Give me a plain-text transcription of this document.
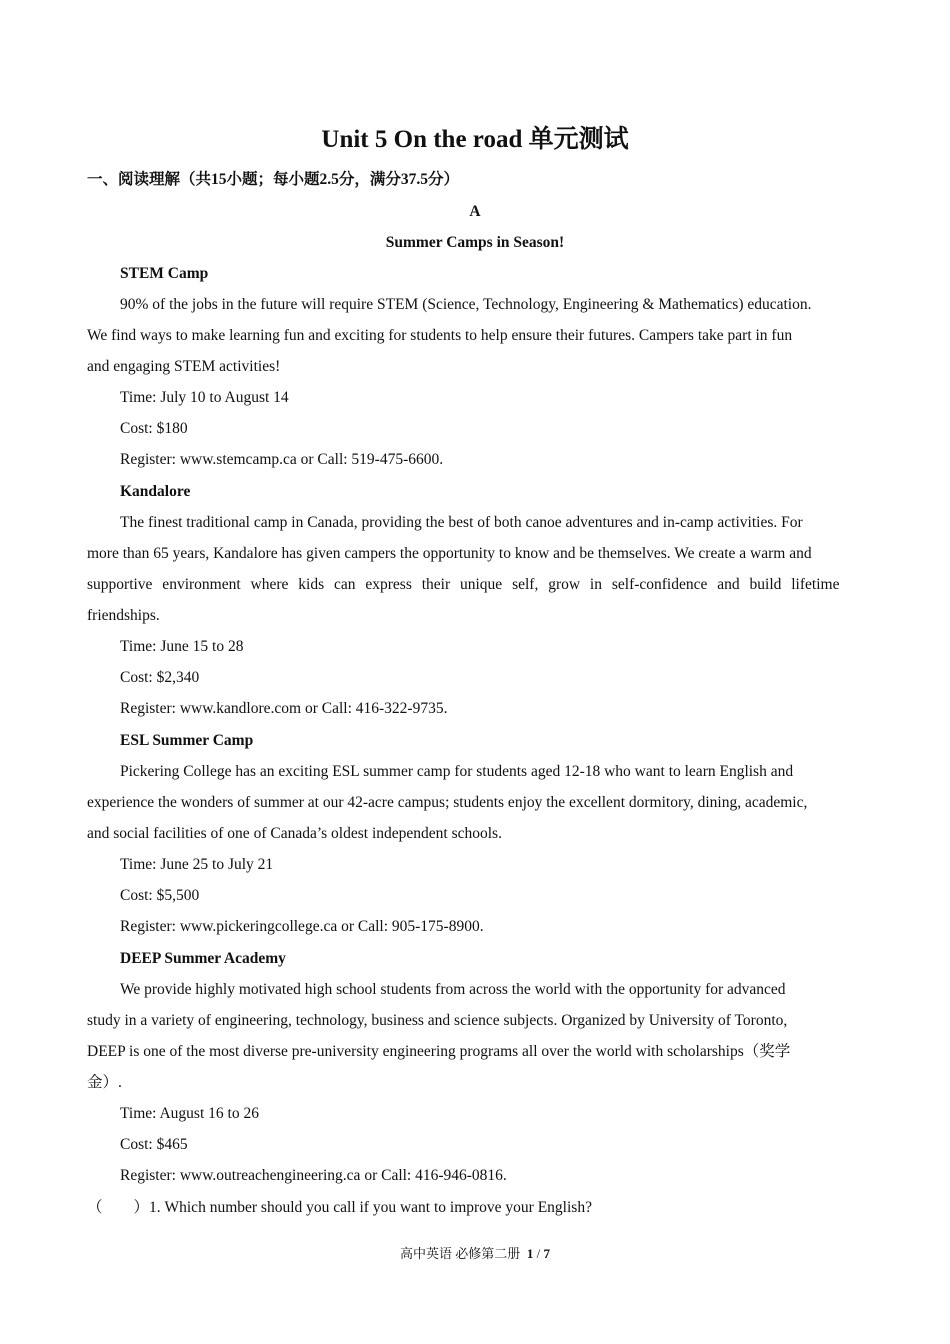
Unit 5 On the road 单元测试
一、阅读理解（共15小题；每小题2.5分，满分37.5分）
A
Summer Camps in Season!

STEM Camp

90% of the jobs in the future will require STEM (Science, Technology, Engineering & Mathematics) education.

We find ways to make learning fun and exciting for students to help ensure their futures. Campers take part in fun

and engaging STEM activities!

Time: July 10 to August 14

Cost: $180

Register: www.stemcamp.ca or Call: 519-475-6600.

Kandalore

The finest traditional camp in Canada, providing the best of both canoe adventures and in-camp activities. For

more than 65 years, Kandalore has given campers the opportunity to know and be themselves. We create a warm and

supportive environment where kids can express their unique self, grow in self-confidence and build lifetime

friendships.

Time: June 15 to 28

Cost: $2,340

Register: www.kandlore.com or Call: 416-322-9735.

ESL Summer Camp

Pickering College has an exciting ESL summer camp for students aged 12-18 who want to learn English and

experience the wonders of summer at our 42-acre campus; students enjoy the excellent dormitory, dining, academic,

and social facilities of one of Canada’s oldest independent schools.

Time: June 25 to July 21

Cost: $5,500

Register: www.pickeringcollege.ca or Call: 905-175-8900.

DEEP Summer Academy

We provide highly motivated high school students from across the world with the opportunity for advanced

study in a variety of engineering, technology, business and science subjects. Organized by University of Toronto,

DEEP is one of the most diverse pre-university engineering programs all over the world with scholarships（奖学

金）.

Time: August 16 to 26

Cost: $465

Register: www.outreachengineering.ca or Call: 416-946-0816.

（　　）1. Which number should you call if you want to improve your English?
高中英语 必修第二册 1 / 7
